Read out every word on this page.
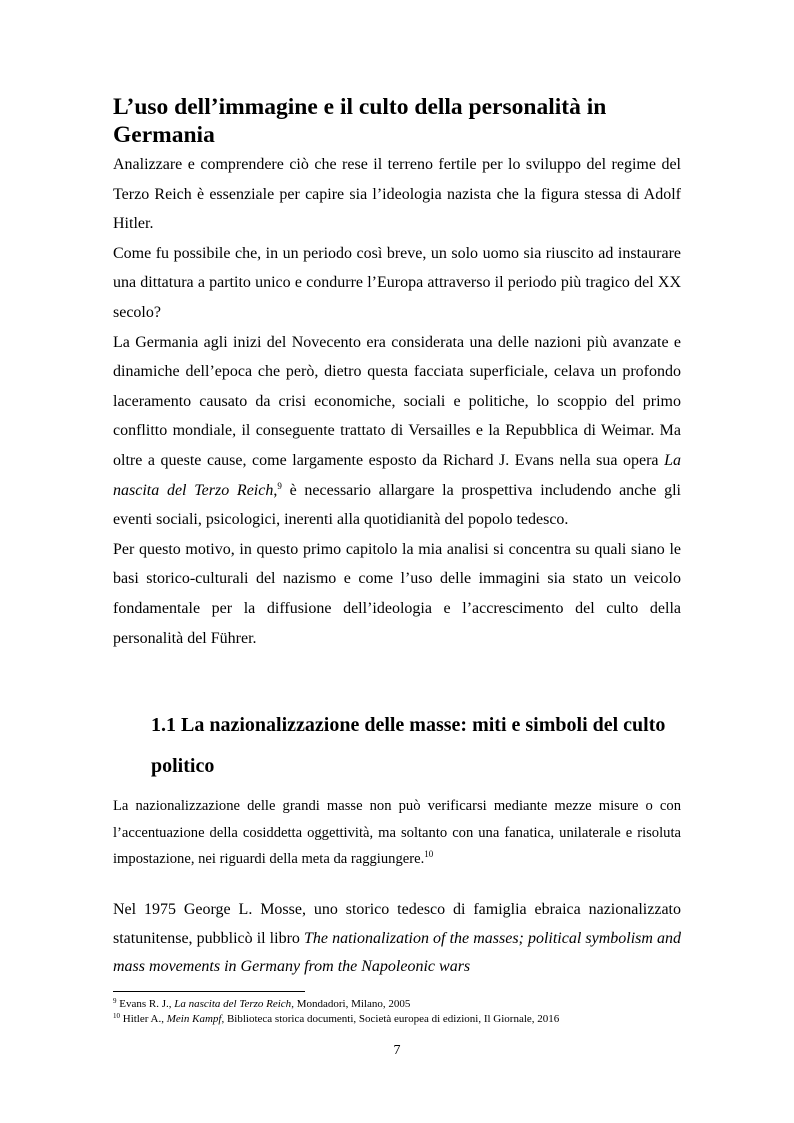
L’uso dell’immagine e il culto della personalità in Germania

Analizzare e comprendere ciò che rese il terreno fertile per lo sviluppo del regime del Terzo Reich è essenziale per capire sia l’ideologia nazista che la figura stessa di Adolf Hitler.

Come fu possibile che, in un periodo così breve, un solo uomo sia riuscito ad instaurare una dittatura a partito unico e condurre l’Europa attraverso il periodo più tragico del XX secolo?

La Germania agli inizi del Novecento era considerata una delle nazioni più avanzate e dinamiche dell’epoca che però, dietro questa facciata superficiale, celava un profondo laceramento causato da crisi economiche, sociali e politiche, lo scoppio del primo conflitto mondiale, il conseguente trattato di Versailles e la Repubblica di Weimar. Ma oltre a queste cause, come largamente esposto da Richard J. Evans nella sua opera La nascita del Terzo Reich,$^9$ è necessario allargare la prospettiva includendo anche gli eventi sociali, psicologici, inerenti alla quotidianità del popolo tedesco.

Per questo motivo, in questo primo capitolo la mia analisi si concentra su quali siano le basi storico-culturali del nazismo e come l’uso delle immagini sia stato un veicolo fondamentale per la diffusione dell’ideologia e l’accrescimento del culto della personalità del Führer.

1.1 La nazionalizzazione delle masse: miti e simboli del culto politico

La nazionalizzazione delle grandi masse non può verificarsi mediante mezze misure o con l’accentuazione della cosiddetta oggettività, ma soltanto con una fanatica, unilaterale e risoluta impostazione, nei riguardi della meta da raggiungere.$^{10}$

Nel 1975 George L. Mosse, uno storico tedesco di famiglia ebraica nazionalizzato statunitense, pubblicò il libro The nationalization of the masses; political symbolism and mass movements in Germany from the Napoleonic wars

$^9$ Evans R. J., La nascita del Terzo Reich, Mondadori, Milano, 2005
$^{10}$ Hitler A., Mein Kampf, Biblioteca storica documenti, Società europea di edizioni, Il Giornale, 2016
7
